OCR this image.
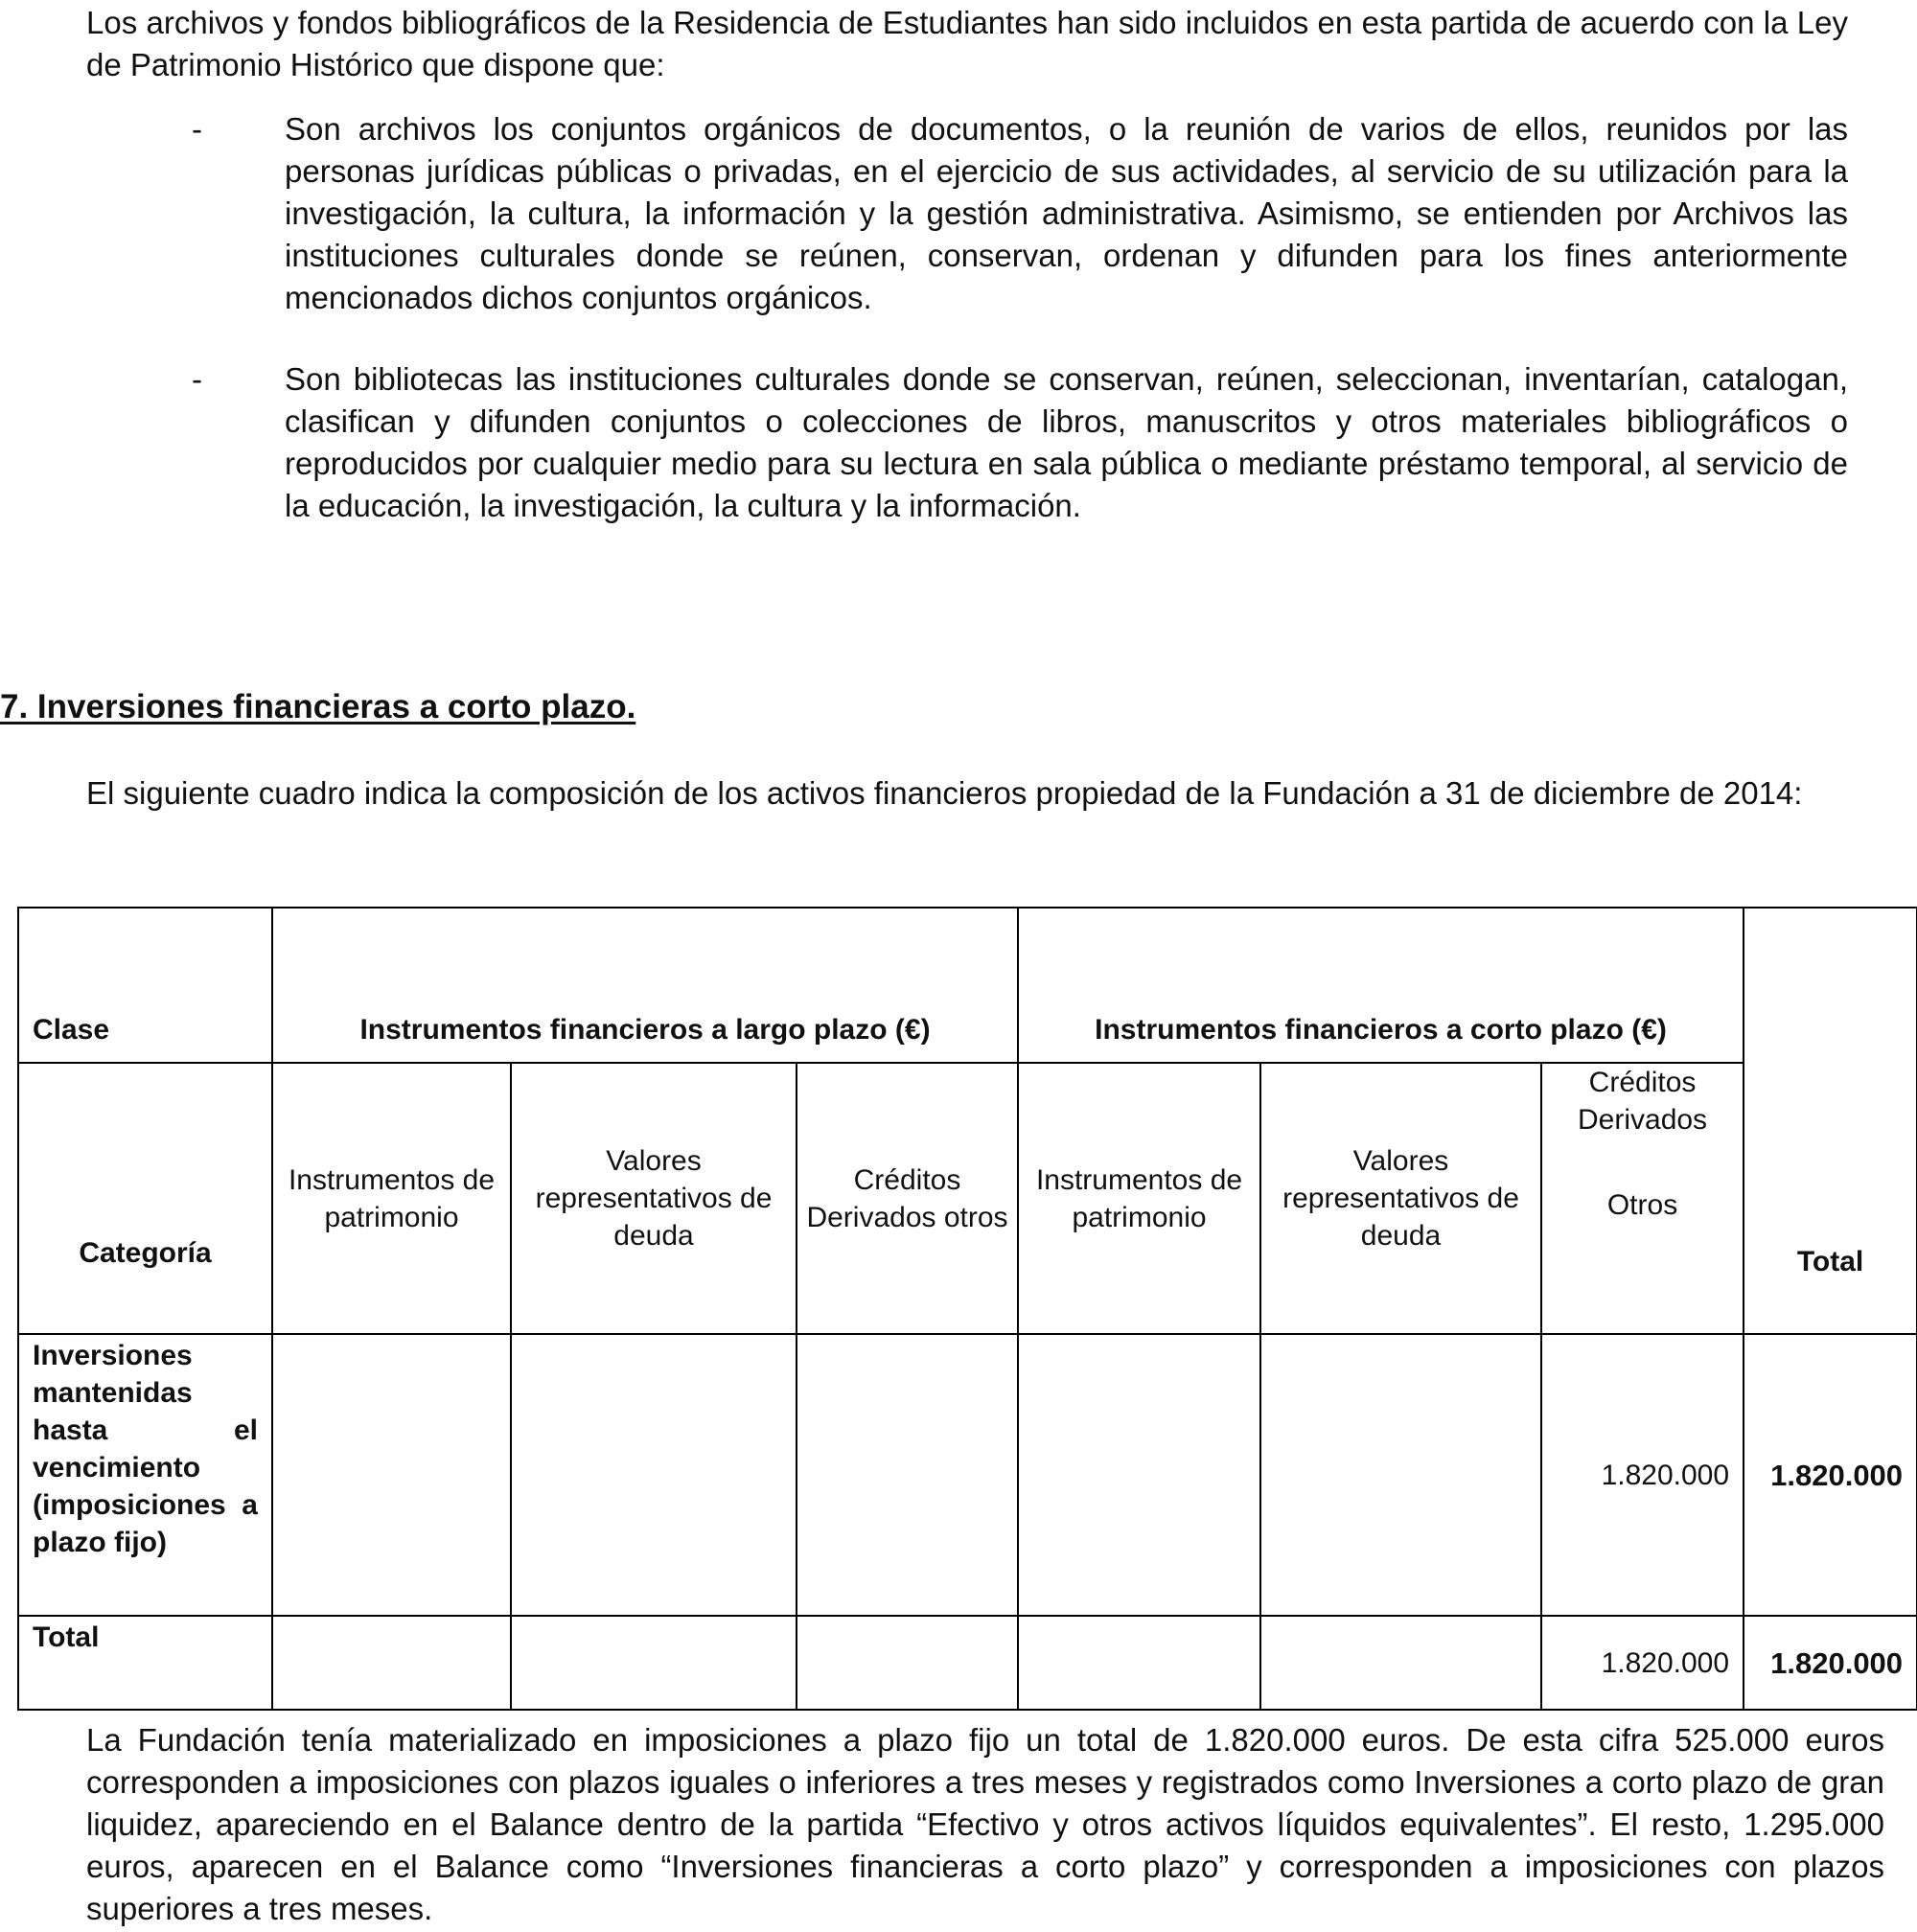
Los archivos y fondos bibliográficos de la Residencia de Estudiantes han sido incluidos en esta partida de acuerdo con la Ley de Patrimonio Histórico que dispone que:

-	Son archivos los conjuntos orgánicos de documentos, o la reunión de varios de ellos, reunidos por las personas jurídicas públicas o privadas, en el ejercicio de sus actividades, al servicio de su utilización para la investigación, la cultura, la información y la gestión administrativa. Asimismo, se entienden por Archivos las instituciones culturales donde se reúnen, conservan, ordenan y difunden para los fines anteriormente mencionados dichos conjuntos orgánicos.

-	Son bibliotecas las instituciones culturales donde se conservan, reúnen, seleccionan, inventarían, catalogan, clasifican y difunden conjuntos o colecciones de libros, manuscritos y otros materiales bibliográficos o reproducidos por cualquier medio para su lectura en sala pública o mediante préstamo temporal, al servicio de la educación, la investigación, la cultura y la información.

7. Inversiones financieras a corto plazo.

El siguiente cuadro indica la composición de los activos financieros propiedad de la Fundación a 31 de diciembre de 2014:

Clase	Instrumentos financieros a largo plazo (€)			Instrumentos financieros a corto plazo (€)			Total
Categoría	Instrumentos de patrimonio	Valores representativos de deuda	Créditos Derivados otros	Instrumentos de patrimonio	Valores representativos de deuda	Créditos Derivados
Otros	
Inversiones mantenidas hasta el vencimiento (imposiciones a plazo fijo)						1.820.000	1.820.000
Total						1.820.000	1.820.000

La Fundación tenía materializado en imposiciones a plazo fijo un total de 1.820.000 euros. De esta cifra 525.000 euros corresponden a imposiciones con plazos iguales o inferiores a tres meses y registrados como Inversiones a corto plazo de gran liquidez, apareciendo en el Balance dentro de la partida “Efectivo y otros activos líquidos equivalentes”. El resto, 1.295.000 euros, aparecen en el Balance como “Inversiones financieras a corto plazo” y corresponden a imposiciones con plazos superiores a tres meses.
